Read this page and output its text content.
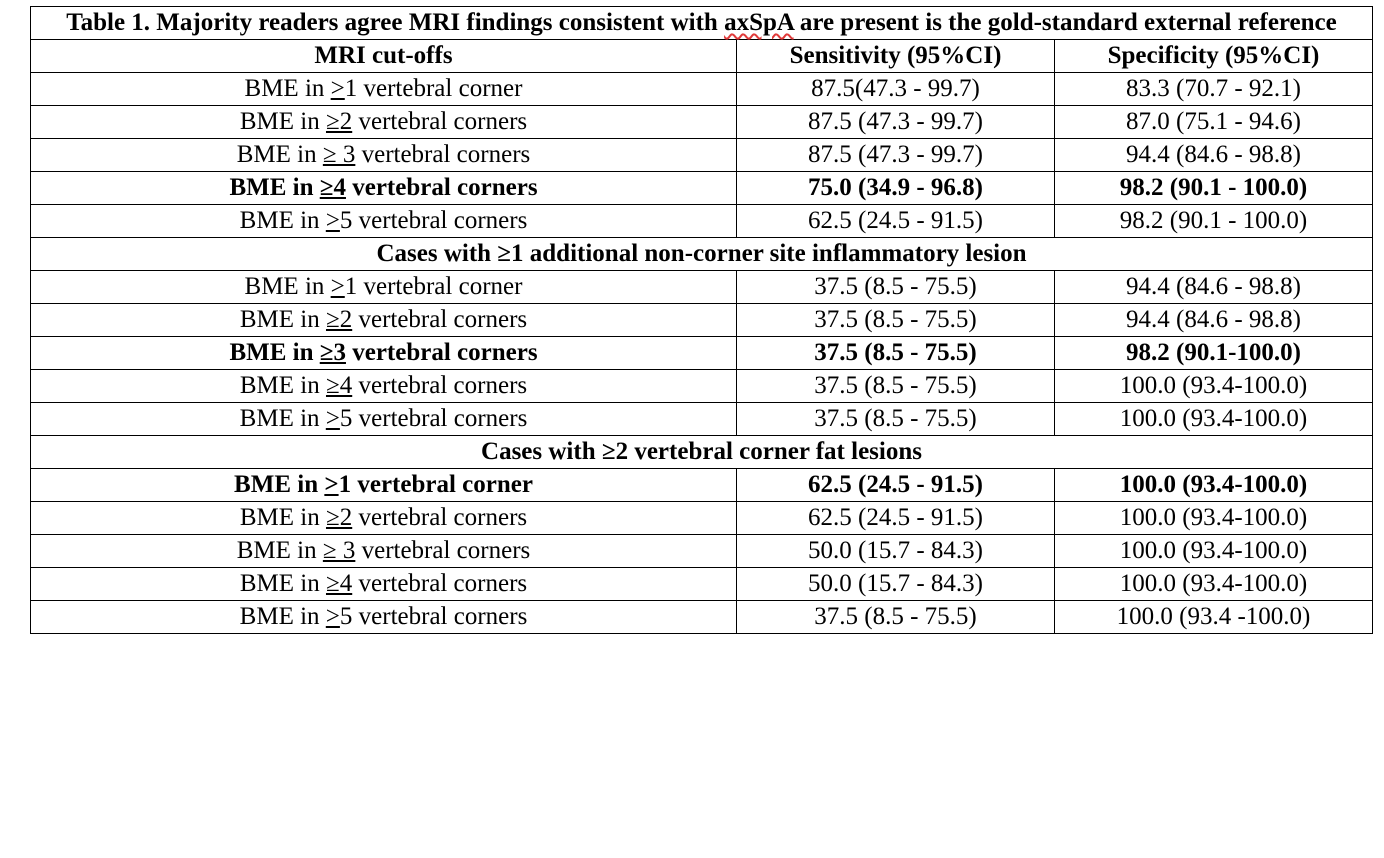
Table 1. Majority readers agree MRI findings consistent with axSpA are present is the gold-standard external reference		
MRI cut-offs	Sensitivity (95%CI)	Specificity (95%CI)
BME in >1 vertebral corner	87.5(47.3 - 99.7)	83.3 (70.7 - 92.1)
BME in ≥2 vertebral corners	87.5 (47.3 - 99.7)	87.0 (75.1 - 94.6)
BME in ≥ 3 vertebral corners	87.5 (47.3 - 99.7)	94.4 (84.6 - 98.8)
BME in ≥4 vertebral corners	75.0 (34.9 - 96.8)	98.2 (90.1 - 100.0)
BME in >5 vertebral corners	62.5 (24.5 - 91.5)	98.2 (90.1 - 100.0)
Cases with ≥1 additional non-corner site inflammatory lesion		
BME in >1 vertebral corner	37.5 (8.5 - 75.5)	94.4 (84.6 - 98.8)
BME in ≥2 vertebral corners	37.5 (8.5 - 75.5)	94.4 (84.6 - 98.8)
BME in ≥3 vertebral corners	37.5 (8.5 - 75.5)	98.2 (90.1-100.0)
BME in ≥4 vertebral corners	37.5 (8.5 - 75.5)	100.0 (93.4-100.0)
BME in >5 vertebral corners	37.5 (8.5 - 75.5)	100.0 (93.4-100.0)
Cases with ≥2 vertebral corner fat lesions		
BME in >1 vertebral corner	62.5 (24.5 - 91.5)	100.0 (93.4-100.0)
BME in ≥2 vertebral corners	62.5 (24.5 - 91.5)	100.0 (93.4-100.0)
BME in ≥ 3 vertebral corners	50.0 (15.7 - 84.3)	100.0 (93.4-100.0)
BME in ≥4 vertebral corners	50.0 (15.7 - 84.3)	100.0 (93.4-100.0)
BME in >5 vertebral corners	37.5 (8.5 - 75.5)	100.0 (93.4 -100.0)
